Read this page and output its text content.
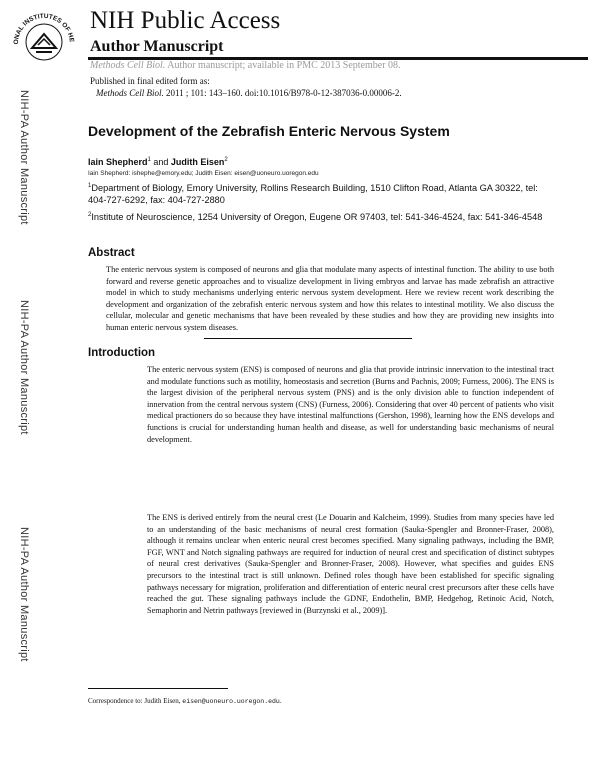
ONAL INSTITUTES OF HE
NIH Public Access
Author Manuscript
Methods Cell Biol. Author manuscript; available in PMC 2013 September 08.
Published in final edited form as:
Methods Cell Biol. 2011 ; 101: 143–160. doi:10.1016/B978-0-12-387036-0.00006-2.
NIH-PA Author Manuscript
NIH-PA Author Manuscript
NIH-PA Author Manuscript
Development of the Zebrafish Enteric Nervous System
Iain Shepherd$^1$ and Judith Eisen$^2$
Iain Shepherd: ishephe@emory.edu; Judith Eisen: eisen@uoneuro.uoregon.edu
$^1$Department of Biology, Emory University, Rollins Research Building, 1510 Clifton Road, Atlanta GA 30322, tel: 404-727-6292, fax: 404-727-2880
$^2$Institute of Neuroscience, 1254 University of Oregon, Eugene OR 97403, tel: 541-346-4524, fax: 541-346-4548
Abstract
The enteric nervous system is composed of neurons and glia that modulate many aspects of intestinal function. The ability to use both forward and reverse genetic approaches and to visualize development in living embryos and larvae has made zebrafish an attractive model in which to study mechanisms underlying enteric nervous system development. Here we review recent work describing the development and organization of the zebrafish enteric nervous system and how this relates to intestinal motility. We also discuss the cellular, molecular and genetic mechanisms that have been revealed by these studies and how they are providing new insights into human enteric nervous system diseases.
Introduction
The enteric nervous system (ENS) is composed of neurons and glia that provide intrinsic innervation to the intestinal tract and modulate functions such as motility, homeostasis and secretion (Burns and Pachnis, 2009; Furness, 2006). The ENS is the largest division of the peripheral nervous system (PNS) and is the only division able to function independent of innervation from the central nervous system (CNS) (Furness, 2006). Considering that over 40 percent of patients who visit medical practioners do so because they have intestinal malfunctions (Gershon, 1998), learning how the ENS develops and functions is crucial for understanding human health and disease, as well for understanding basic mechanisms of neural development.
The ENS is derived entirely from the neural crest (Le Douarin and Kalcheim, 1999). Studies from many species have led to an understanding of the basic mechanisms of neural crest formation (Sauka-Spengler and Bronner-Fraser, 2008), although it remains unclear when enteric neural crest becomes specified. Many signaling pathways, including the BMP, FGF, WNT and Notch signaling pathways are required for induction of neural crest and specification of distinct subtypes of neural crest derivatives (Sauka-Spengler and Bronner-Fraser, 2008). However, what specifies and guides ENS precursors to the intestinal tract is still unknown. Defined roles though have been established for specific signaling pathways necessary for migration, proliferation and differentiation of enteric neural crest precursors after these cells have reached the gut. These signaling pathways include the GDNF, Endothelin, BMP, Hedgehog, Retinoic Acid, Notch, Semaphorin and Netrin pathways [reviewed in (Burzynski et al., 2009)].
Correspondence to: Judith Eisen, eisen@uoneuro.uoregon.edu.
